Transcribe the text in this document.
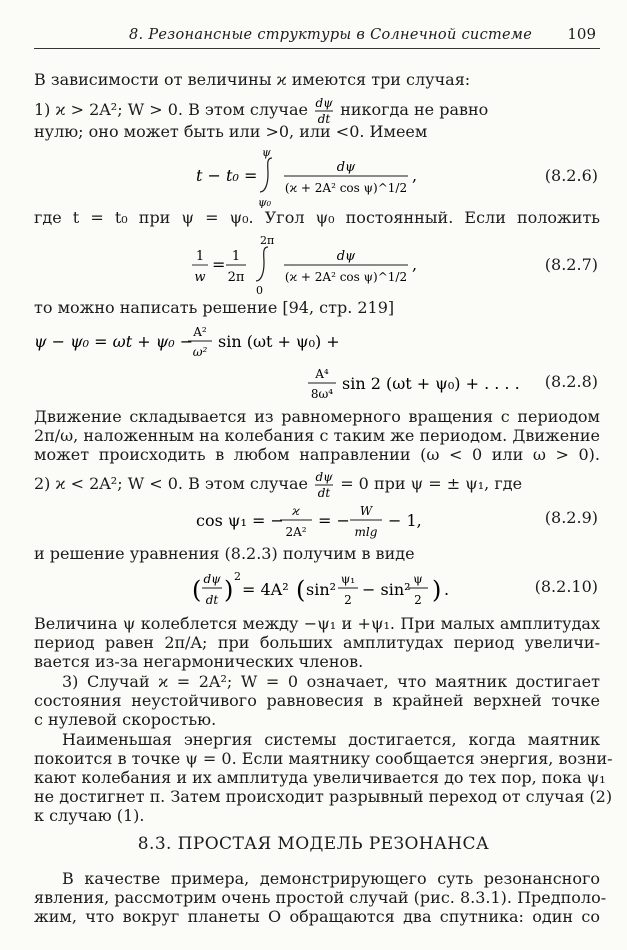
8. Резонансные структуры в Солнечной системе 109
В зависимости от величины ϰ имеются три случая:
1) ϰ > 2A²; W > 0. В этом случае dψ
dt никогда не равно
нулю; оно может быть или >0, или <0. Имеем
t − t₀ =
ψ
ψ₀
dψ
(ϰ + 2A² cos ψ)^1/2
,	(8.2.6)
где t = t₀ при ψ = ψ₀. Угол ψ₀ постоянный. Если положить
1
w
= 1
2π
2π
0
dψ
(ϰ + 2A² cos ψ)^1/2
,	(8.2.7)
то можно написать решение [94, стр. 219]
ψ − ψ₀ = ωt + ψ₀ − A²
ω²
sin (ωt + ψ₀) +
A⁴
8ω⁴
sin 2 (ωt + ψ₀) + . . . . (8.2.8)
Движение складывается из равномерного вращения с периодом
2π/ω, наложенным на колебания с таким же периодом. Движение
может происходить в любом направлении (ω < 0 или ω > 0).
2) ϰ < 2A²; W < 0. В этом случае dψ
dt = 0 при ψ = ± ψ₁, где
cos ψ₁ = − ϰ
2A²
= − W
mlg
− 1,	(8.2.9)
и решение уравнения (8.2.3) получим в виде
( dψ
dt ) 2
= 4A² ( sin²
ψ₁
2
− sin²
ψ
2 ) .	(8.2.10)
Величина ψ колеблется между −ψ₁ и +ψ₁. При малых амплитудах
период равен 2π/A; при больших амплитудах период увеличи-
вается из-за негармонических членов.
3) Случай ϰ = 2A²; W = 0 означает, что маятник достигает
состояния неустойчивого равновесия в крайней верхней точке
с нулевой скоростью.
Наименьшая энергия системы достигается, когда маятник
покоится в точке ψ = 0. Если маятнику сообщается энергия, возни-
кают колебания и их амплитуда увеличивается до тех пор, пока ψ₁
не достигнет π. Затем происходит разрывный переход от случая (2)
к случаю (1).
8.3. ПРОСТАЯ МОДЕЛЬ РЕЗОНАНСА
В качестве примера, демонстрирующего суть резонансного
явления, рассмотрим очень простой случай (рис. 8.3.1). Предполо-
жим, что вокруг планеты O обращаются два спутника: один со
